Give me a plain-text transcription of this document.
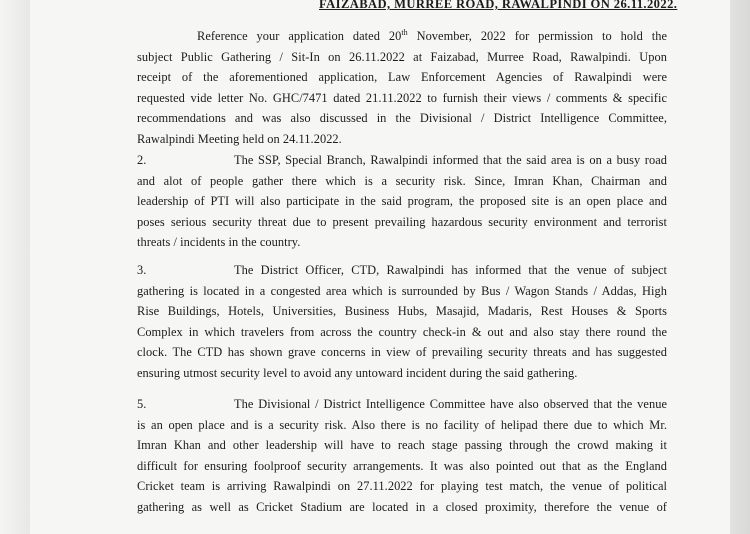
FAIZABAD, MURREE ROAD, RAWALPINDI ON 26.11.2022.
Reference your application dated 20th November, 2022 for permission to hold the
subject Public Gathering / Sit-In on 26.11.2022 at Faizabad, Murree Road, Rawalpindi. Upon
receipt of the aforementioned application, Law Enforcement Agencies of Rawalpindi were
requested vide letter No. GHC/7471 dated 21.11.2022 to furnish their views / comments & specific
recommendations and was also discussed in the Divisional / District Intelligence Committee,
Rawalpindi Meeting held on 24.11.2022.
2.	The SSP, Special Branch, Rawalpindi informed that the said area is on a busy road
and alot of people gather there which is a security risk. Since, Imran Khan, Chairman and
leadership of PTI will also participate in the said program, the proposed site is an open place and
poses serious security threat due to present prevailing hazardous security environment and terrorist
threats / incidents in the country.
3.	The District Officer, CTD, Rawalpindi has informed that the venue of subject
gathering is located in a congested area which is surrounded by Bus / Wagon Stands / Addas, High
Rise Buildings, Hotels, Universities, Business Hubs, Masajid, Madaris, Rest Houses & Sports
Complex in which travelers from across the country check-in & out and also stay there round the
clock. The CTD has shown grave concerns in view of prevailing security threats and has suggested
ensuring utmost security level to avoid any untoward incident during the said gathering.
5.	The Divisional / District Intelligence Committee have also observed that the venue
is an open place and is a security risk. Also there is no facility of helipad there due to which Mr.
Imran Khan and other leadership will have to reach stage passing through the crowd making it
difficult for ensuring foolproof security arrangements. It was also pointed out that as the England
Cricket team is arriving Rawalpindi on 27.11.2022 for playing test match, the venue of political
gathering as well as Cricket Stadium are located in a closed proximity, therefore the venue of
